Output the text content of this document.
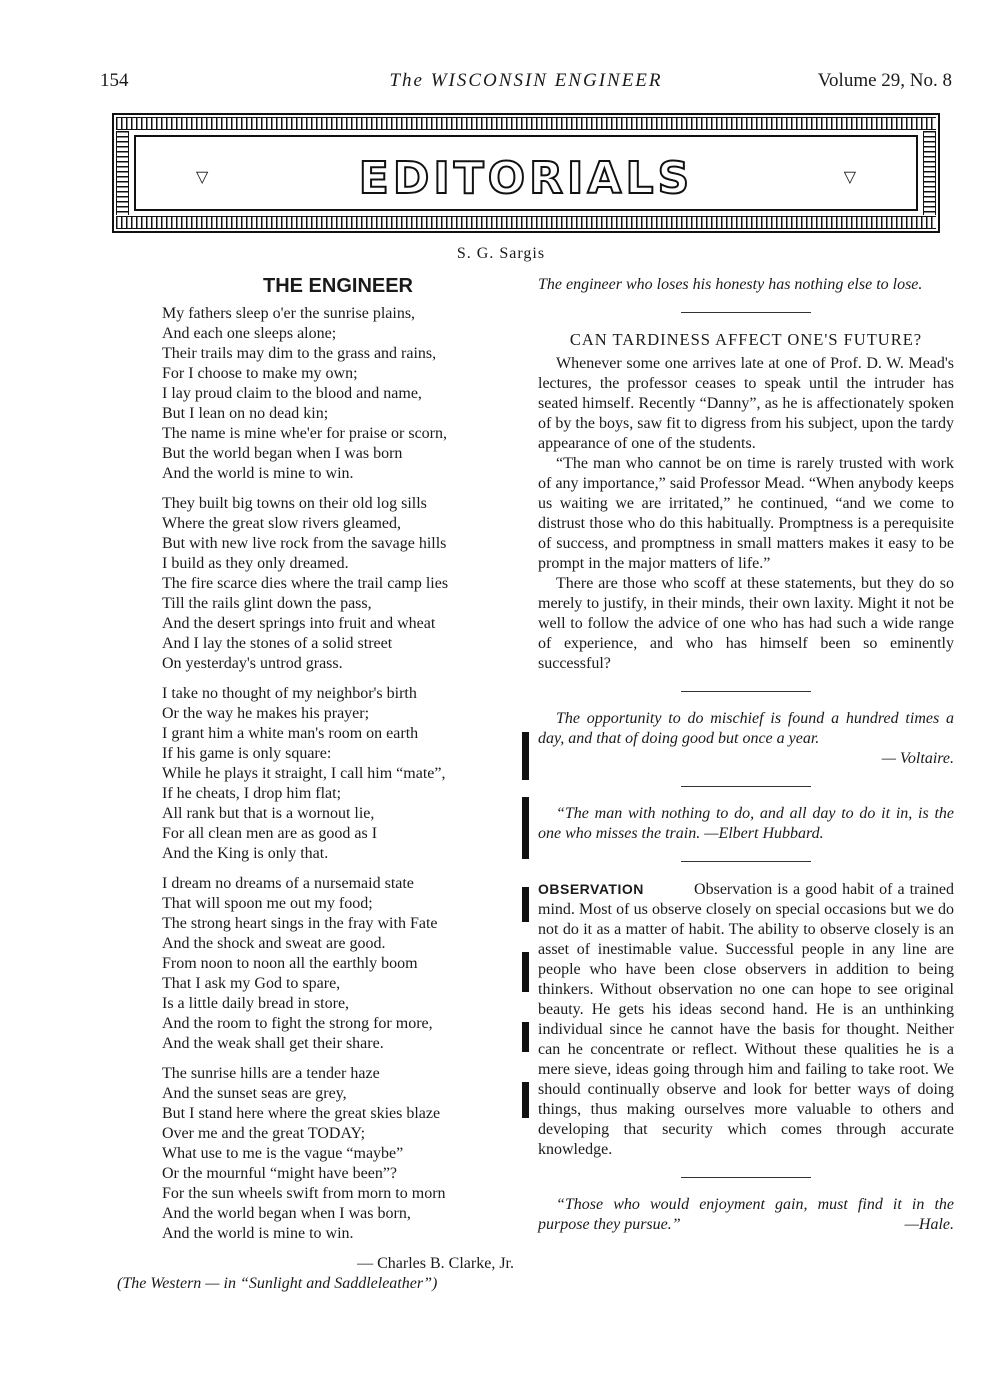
154	The WISCONSIN ENGINEER	Volume 29, No. 8
▽	EDITORIALS	▽
S. G. Sargis
THE ENGINEER
My fathers sleep o'er the sunrise plains,
And each one sleeps alone;
Their trails may dim to the grass and rains,
For I choose to make my own;
I lay proud claim to the blood and name,
But I lean on no dead kin;
The name is mine whe'er for praise or scorn,
But the world began when I was born
And the world is mine to win.
They built big towns on their old log sills
Where the great slow rivers gleamed,
But with new live rock from the savage hills
I build as they only dreamed.
The fire scarce dies where the trail camp lies
Till the rails glint down the pass,
And the desert springs into fruit and wheat
And I lay the stones of a solid street
On yesterday's untrod grass.
I take no thought of my neighbor's birth
Or the way he makes his prayer;
I grant him a white man's room on earth
If his game is only square:
While he plays it straight, I call him “mate”,
If he cheats, I drop him flat;
All rank but that is a wornout lie,
For all clean men are as good as I
And the King is only that.
I dream no dreams of a nursemaid state
That will spoon me out my food;
The strong heart sings in the fray with Fate
And the shock and sweat are good.
From noon to noon all the earthly boom
That I ask my God to spare,
Is a little daily bread in store,
And the room to fight the strong for more,
And the weak shall get their share.
The sunrise hills are a tender haze
And the sunset seas are grey,
But I stand here where the great skies blaze
Over me and the great TODAY;
What use to me is the vague “maybe”
Or the mournful “might have been”?
For the sun wheels swift from morn to morn
And the world began when I was born,
And the world is mine to win.
— Charles B. Clarke, Jr.
(The Western — in “Sunlight and Saddleleather”)

The engineer who loses his honesty has nothing else to lose.

CAN TARDINESS AFFECT ONE'S FUTURE?

Whenever some one arrives late at one of Prof. D. W. Mead's lectures, the professor ceases to speak until the intruder has seated himself. Recently “Danny”, as he is affectionately spoken of by the boys, saw fit to digress from his subject, upon the tardy appearance of one of the students.

“The man who cannot be on time is rarely trusted with work of any importance,” said Professor Mead. “When anybody keeps us waiting we are irritated,” he continued, “and we come to distrust those who do this habitually. Promptness is a perequisite of success, and promptness in small matters makes it easy to be prompt in the major matters of life.”

There are those who scoff at these statements, but they do so merely to justify, in their minds, their own laxity. Might it not be well to follow the advice of one who has had such a wide range of experience, and who has himself been so eminently successful?

The opportunity to do mischief is found a hundred times a day, and that of doing good but once a year.

— Voltaire.

“The man with nothing to do, and all day to do it in, is the one who misses the train. —Elbert Hubbard.

OBSERVATION	Observation is a good habit of a trained mind. Most of us observe closely on special occasions but we do not do it as a matter of habit. The ability to observe closely is an asset of inestimable value. Successful people in any line are people who have been close observers in addition to being thinkers. Without observation no one can hope to see original beauty. He gets his ideas second hand. He is an unthinking individual since he cannot have the basis for thought. Neither can he concentrate or reflect. Without these qualities he is a mere sieve, ideas going through him and failing to take root. We should continually observe and look for better ways of doing things, thus making ourselves more valuable to others and developing that security which comes through accurate knowledge.

“Those who would enjoyment gain, must find it in the purpose they pursue.”	—Hale.
